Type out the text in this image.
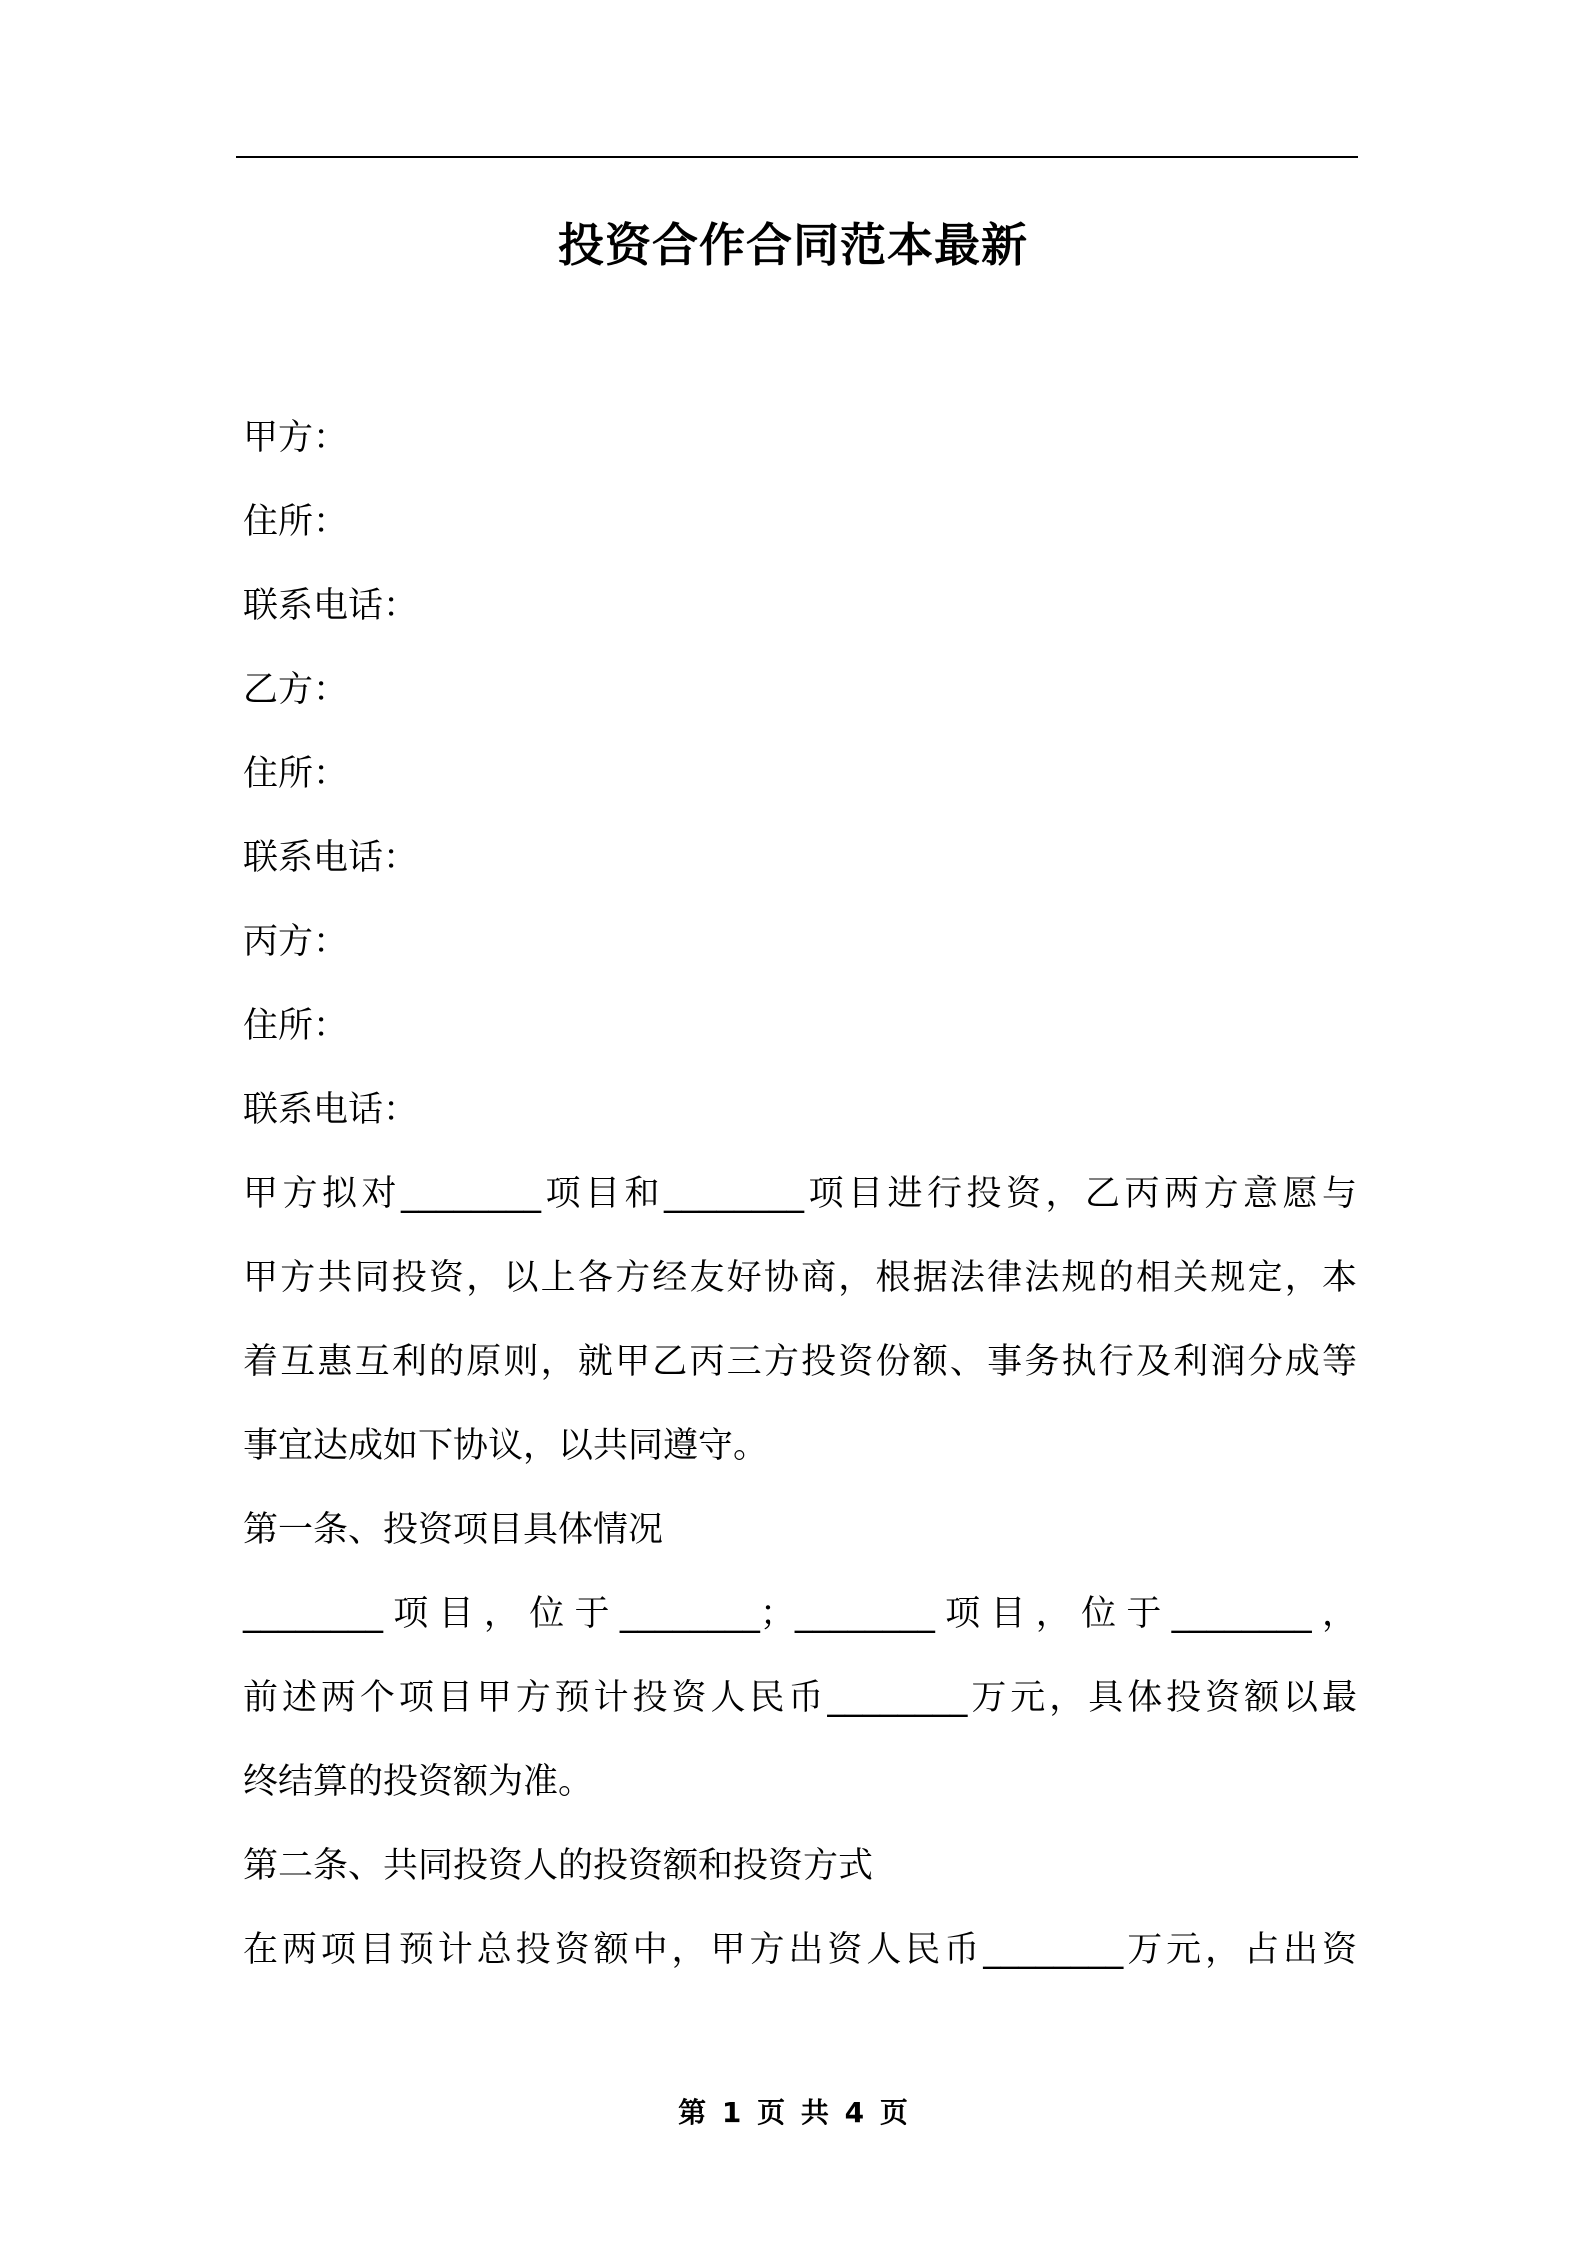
投资合作合同范本最新
甲方：
住所：
联系电话：
乙方：
住所：
联系电话：
丙方：
住所：
联系电话：
甲方拟对________项目和________项目进行投资，乙丙两方意愿与
甲方共同投资，以上各方经友好协商，根据法律法规的相关规定，本
着互惠互利的原则，就甲乙丙三方投资份额、事务执行及利润分成等
事宜达成如下协议，以共同遵守。
第一条、投资项目具体情况
________项目，位于________；________项目，位于________，
前述两个项目甲方预计投资人民币________万元，具体投资额以最
终结算的投资额为准。
第二条、共同投资人的投资额和投资方式
在两项目预计总投资额中，甲方出资人民币________万元，占出资
第 1 页 共 4 页
